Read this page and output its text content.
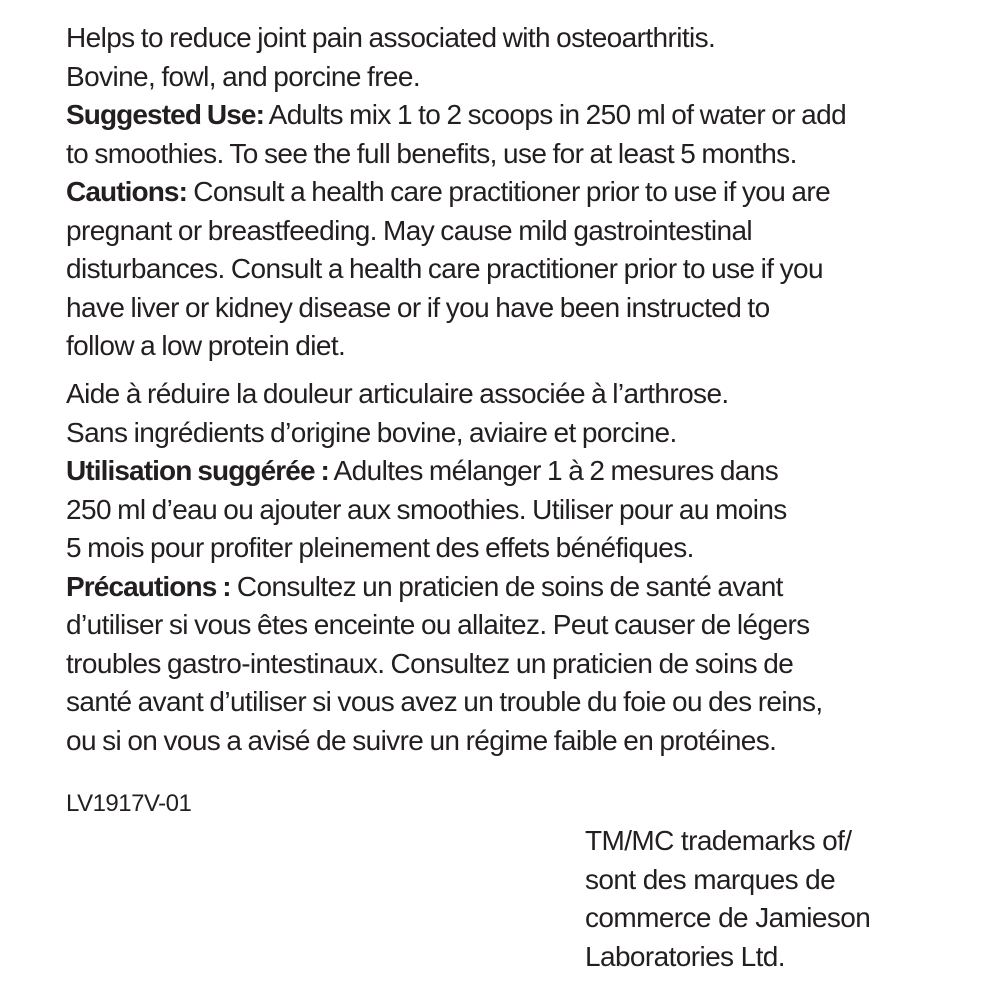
Helps to reduce joint pain associated with osteoarthritis.
Bovine, fowl, and porcine free.
Suggested Use: Adults mix 1 to 2 scoops in 250 ml of water or add
to smoothies. To see the full benefits, use for at least 5 months.
Cautions: Consult a health care practitioner prior to use if you are
pregnant or breastfeeding. May cause mild gastrointestinal
disturbances. Consult a health care practitioner prior to use if you
have liver or kidney disease or if you have been instructed to
follow a low protein diet.
Aide à réduire la douleur articulaire associée à l’arthrose.
Sans ingrédients d’origine bovine, aviaire et porcine.
Utilisation suggérée : Adultes mélanger 1 à 2 mesures dans
250 ml d’eau ou ajouter aux smoothies. Utiliser pour au moins
5 mois pour profiter pleinement des effets bénéfiques.
Précautions : Consultez un praticien de soins de santé avant
d’utiliser si vous êtes enceinte ou allaitez. Peut causer de légers
troubles gastro-intestinaux. Consultez un praticien de soins de
santé avant d’utiliser si vous avez un trouble du foie ou des reins,
ou si on vous a avisé de suivre un régime faible en protéines.
LV1917V-01
TM/MC trademarks of/
sont des marques de
commerce de Jamieson
Laboratories Ltd.
